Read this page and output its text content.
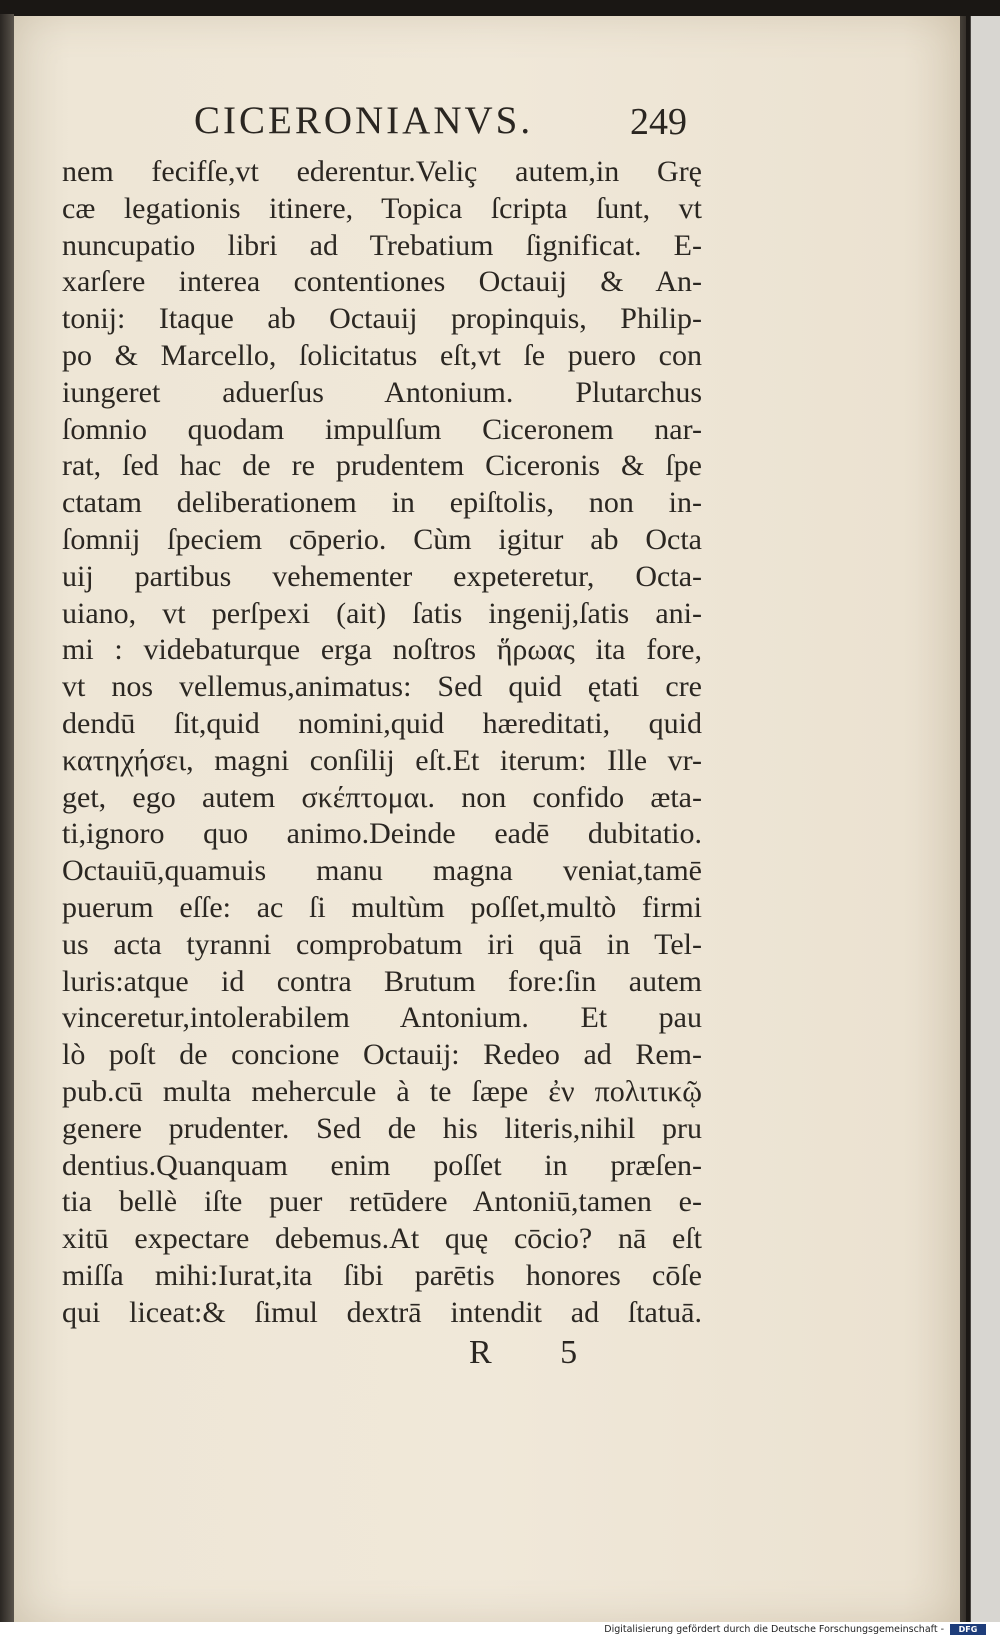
CICERONIANVS.	249
nem fecifſe,vt ederentur.Veliç autem,in Grę
cæ legationis itinere, Topica ſcripta ſunt, vt
nuncupatio libri ad Trebatium ſignificat. E-
xarſere interea contentiones Octauij & An-
tonij: Itaque ab Octauij propinquis, Philip-
po & Marcello, ſolicitatus eſt,vt ſe puero con
iungeret aduerſus Antonium. Plutarchus
ſomnio quodam impulſum Ciceronem nar-
rat, ſed hac de re prudentem Ciceronis & ſpe
ctatam deliberationem in epiſtolis, non in-
ſomnij ſpeciem cōperio. Cùm igitur ab Octa
uij partibus vehementer expeteretur, Octa-
uiano, vt perſpexi (ait) ſatis ingenij,ſatis ani-
mi : videbaturque erga noſtros ἥρωας ita fore,
vt nos vellemus,animatus: Sed quid ętati cre
dendū ſit,quid nomini,quid hæreditati, quid
κατηχήσει, magni conſilij eſt.Et iterum: Ille vr-
get, ego autem σκέπτομαι. non confido æta-
ti,ignoro quo animo.Deinde eadē dubitatio.
Octauiū,quamuis manu magna veniat,tamē
puerum eſſe: ac ſi multùm poſſet,multò firmi
us acta tyranni comprobatum iri quā in Tel-
luris:atque id contra Brutum fore:ſin autem
vinceretur,intolerabilem Antonium. Et pau
lò poſt de concione Octauij: Redeo ad Rem-
pub.cū multa mehercule à te ſæpe ἐν πολιτικῷ
genere prudenter. Sed de his literis,nihil pru
dentius.Quanquam enim poſſet in præſen-
tia bellè iſte puer retūdere Antoniū,tamen e-
xitū expectare debemus.At quę cōcio? nā eſt
miſſa mihi:Iurat,ita ſibi parētis honores cōſe
qui liceat:& ſimul dextrā intendit ad ſtatuā.
R 5
Digitalisierung gefördert durch die Deutsche Forschungsgemeinschaft -	DFG
